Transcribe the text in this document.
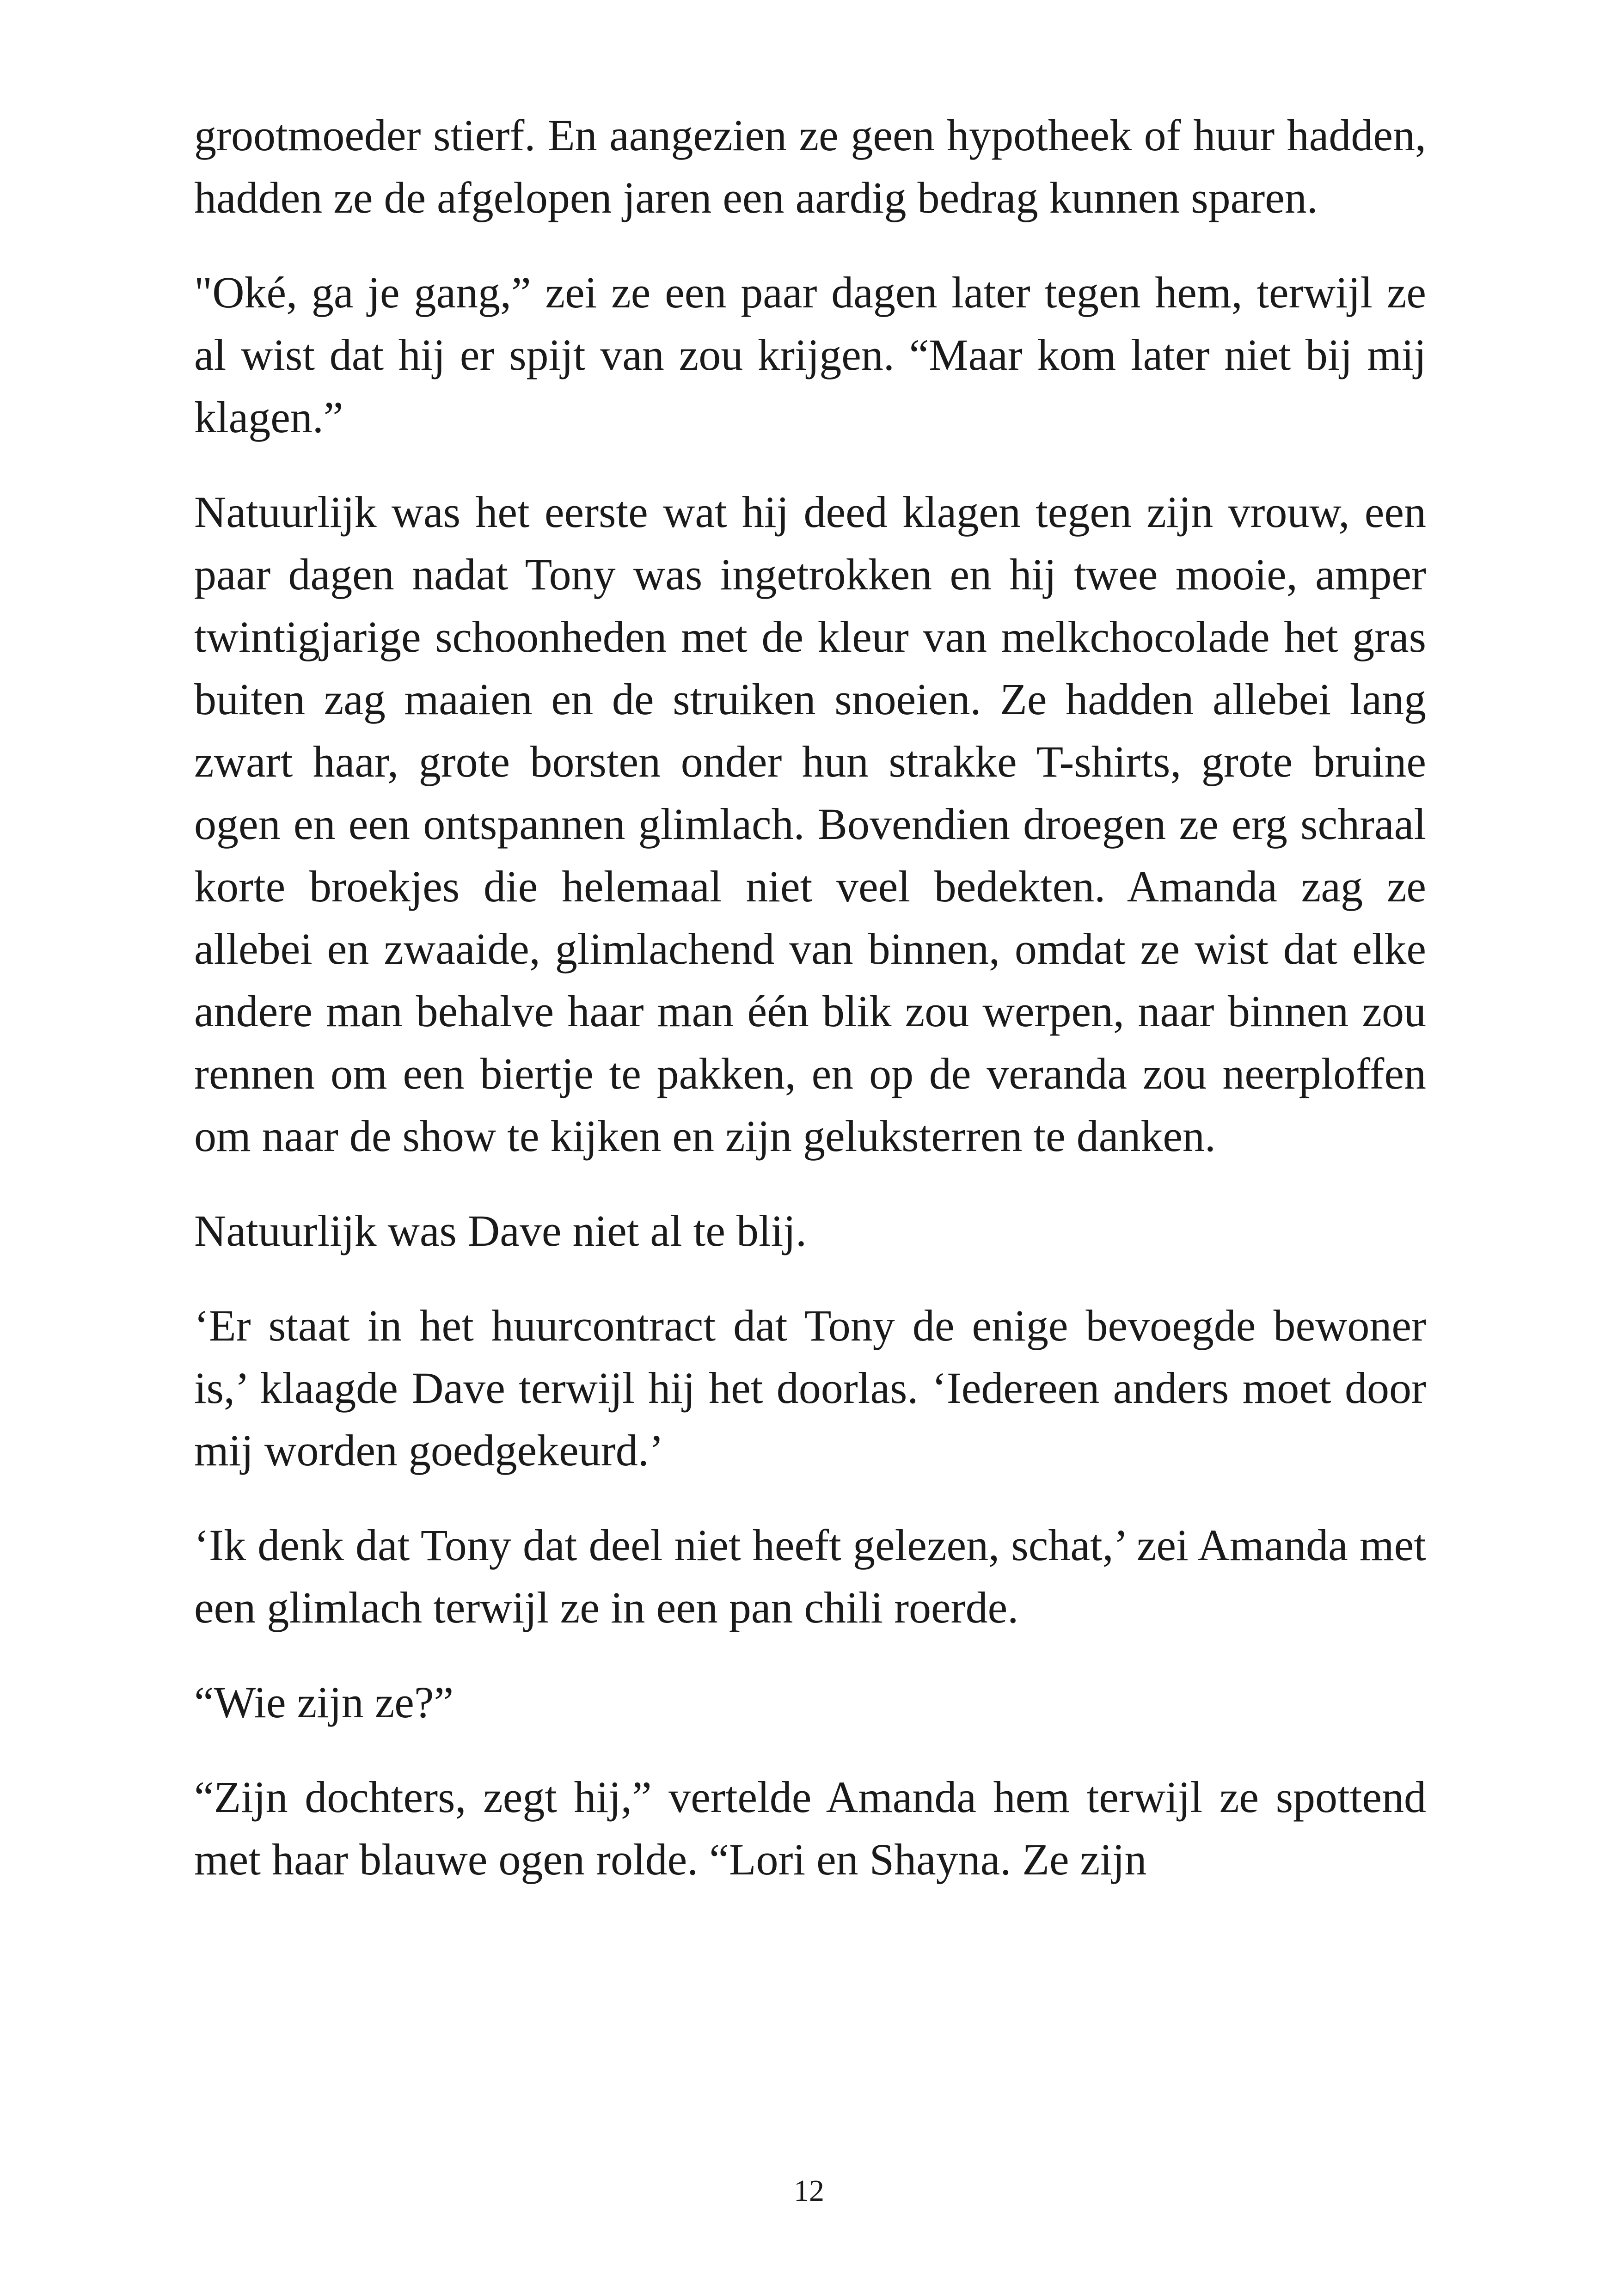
grootmoeder stierf. En aangezien ze geen hypotheek of huur hadden, hadden ze de afgelopen jaren een aardig bedrag kunnen sparen.

"Oké, ga je gang,” zei ze een paar dagen later tegen hem, terwijl ze al wist dat hij er spijt van zou krijgen. “Maar kom later niet bij mij klagen.”

Natuurlijk was het eerste wat hij deed klagen tegen zijn vrouw, een paar dagen nadat Tony was ingetrokken en hij twee mooie, amper twintigjarige schoonheden met de kleur van melkchocolade het gras buiten zag maaien en de struiken snoeien. Ze hadden allebei lang zwart haar, grote borsten onder hun strakke T-shirts, grote bruine ogen en een ontspannen glimlach. Bovendien droegen ze erg schraal korte broekjes die helemaal niet veel bedekten. Amanda zag ze allebei en zwaaide, glimlachend van binnen, omdat ze wist dat elke andere man behalve haar man één blik zou werpen, naar binnen zou rennen om een biertje te pakken, en op de veranda zou neerploffen om naar de show te kijken en zijn geluksterren te danken.

Natuurlijk was Dave niet al te blij.

‘Er staat in het huurcontract dat Tony de enige bevoegde bewoner is,’ klaagde Dave terwijl hij het doorlas. ‘Iedereen anders moet door mij worden goedgekeurd.’

‘Ik denk dat Tony dat deel niet heeft gelezen, schat,’ zei Amanda met een glimlach terwijl ze in een pan chili roerde.

“Wie zijn ze?”

“Zijn dochters, zegt hij,” vertelde Amanda hem terwijl ze spottend met haar blauwe ogen rolde. “Lori en Shayna. Ze zijn

12
